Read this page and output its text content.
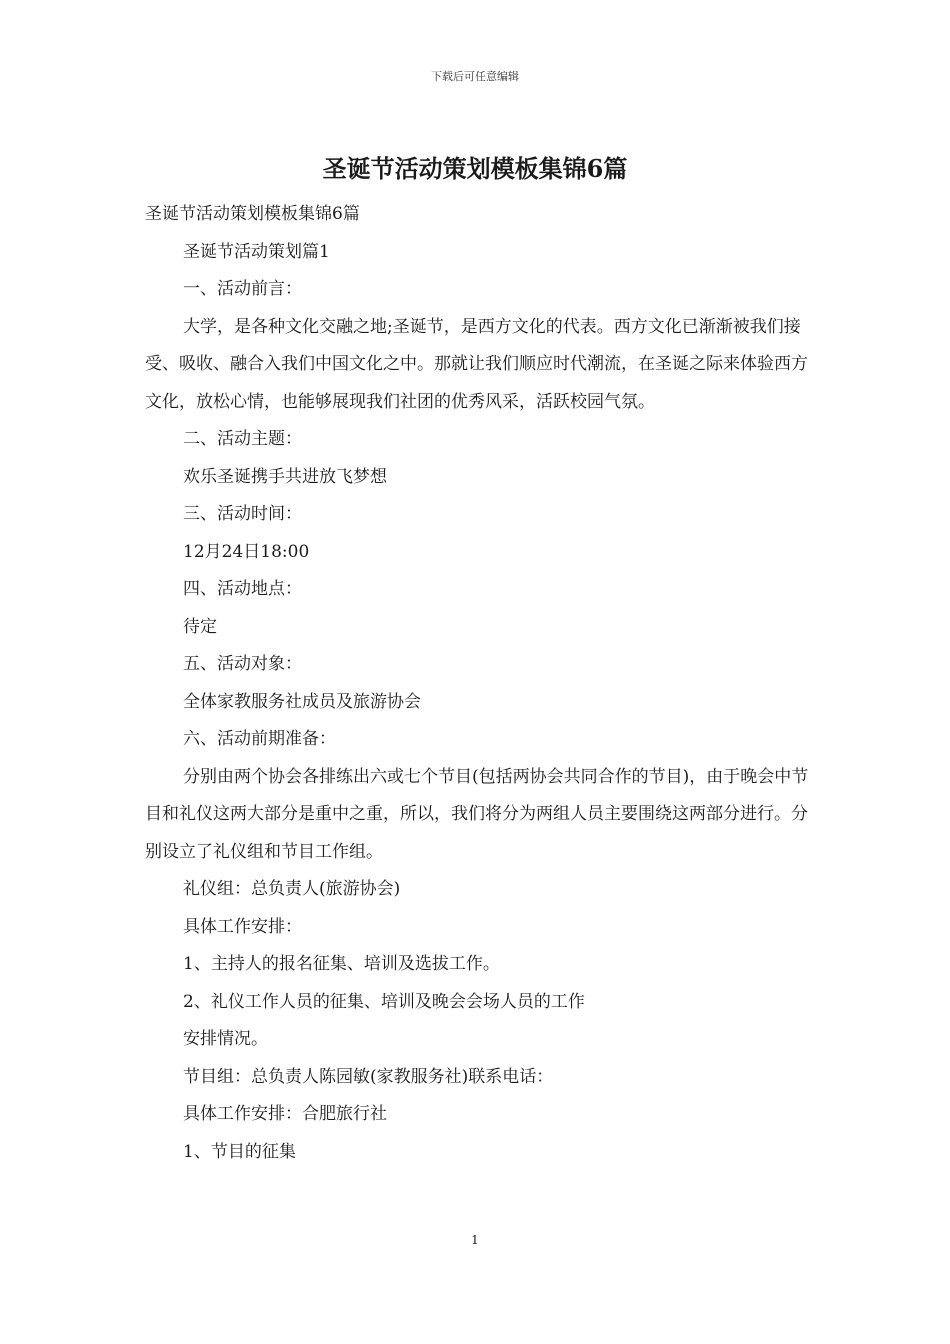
下载后可任意编辑
圣诞节活动策划模板集锦6篇

圣诞节活动策划模板集锦6篇

圣诞节活动策划篇1

一、活动前言：

大学，是各种文化交融之地;圣诞节，是西方文化的代表。西方文化已渐渐被我们接受、吸收、融合入我们中国文化之中。那就让我们顺应时代潮流，在圣诞之际来体验西方文化，放松心情，也能够展现我们社团的优秀风采，活跃校园气氛。

二、活动主题：

欢乐圣诞携手共进放飞梦想

三、活动时间：

12月24日18:00

四、活动地点：

待定

五、活动对象：

全体家教服务社成员及旅游协会

六、活动前期准备：

分别由两个协会各排练出六或七个节目(包括两协会共同合作的节目)，由于晚会中节目和礼仪这两大部分是重中之重，所以，我们将分为两组人员主要围绕这两部分进行。分别设立了礼仪组和节目工作组。

礼仪组：总负责人(旅游协会)

具体工作安排：

1、主持人的报名征集、培训及选拔工作。

2、礼仪工作人员的征集、培训及晚会会场人员的工作

安排情况。

节目组：总负责人陈园敏(家教服务社)联系电话：

具体工作安排：合肥旅行社

1、节目的征集

1
